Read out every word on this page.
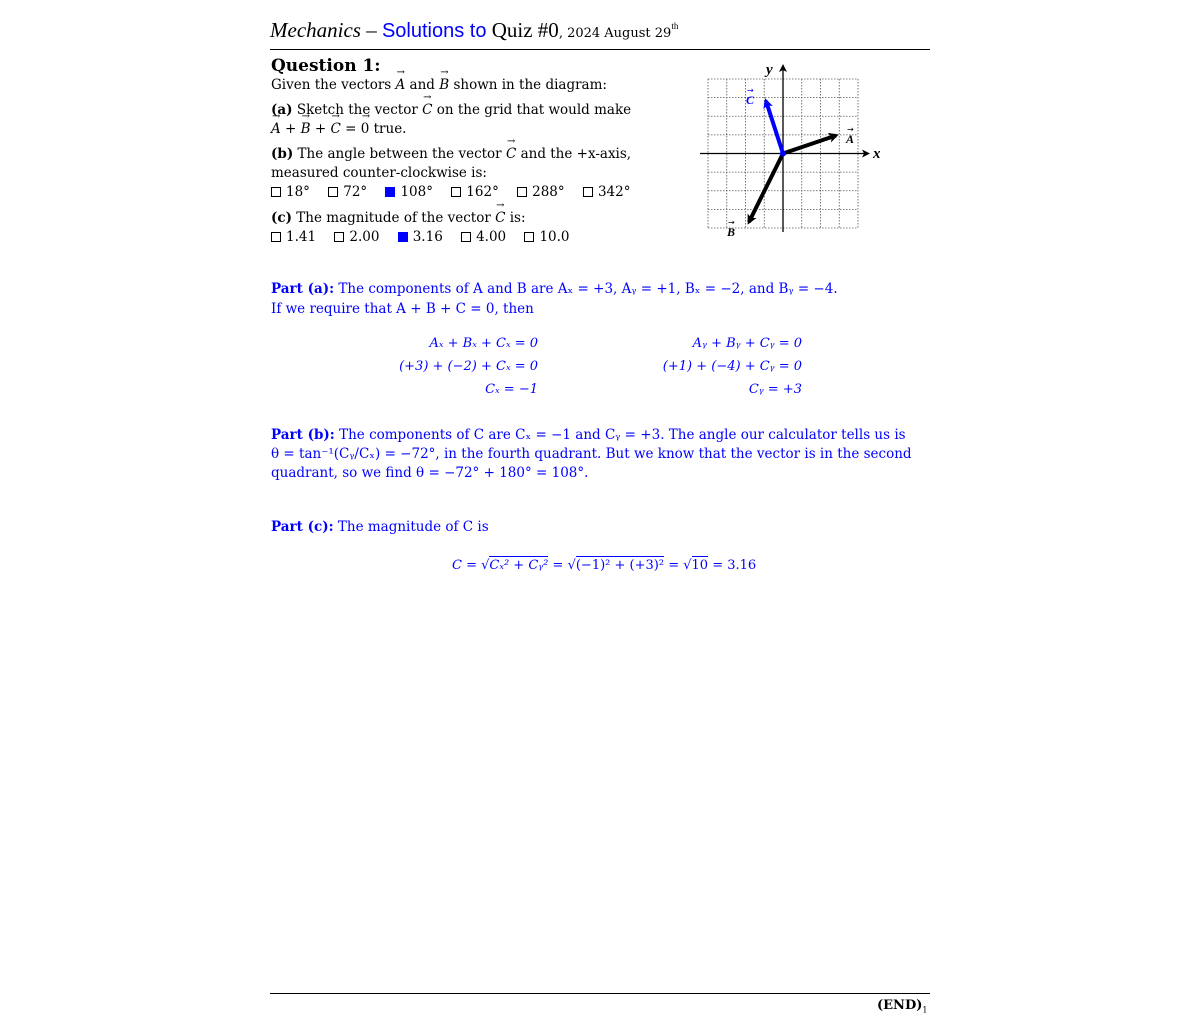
Mechanics – Solutions to Quiz #0, 2024 August 29th
Question 1:
Given the vectors → A and → B shown in the diagram:
(a) Sketch the vector → C on the grid that would make
→ A + → B + → C = → 0 true.
(b) The angle between the vector → C and the +x-axis,
measured counter-clockwise is:
18° 72° 108° 162° 288° 342°
(c) The magnitude of the vector → C is:
1.41 2.00 3.16 4.00 10.0
y
x
A
→
B
→
C
→
Part (a): The components of A and B are Aₓ = +3, Aᵧ = +1, Bₓ = −2, and Bᵧ = −4.
If we require that A + B + C = 0, then
Aₓ + Bₓ + Cₓ = 0
(+3) + (−2) + Cₓ = 0
Cₓ = −1
Aᵧ + Bᵧ + Cᵧ = 0
(+1) + (−4) + Cᵧ = 0
Cᵧ = +3
Part (b): The components of C are Cₓ = −1 and Cᵧ = +3. The angle our calculator tells us is
θ = tan⁻¹(Cᵧ/Cₓ) = −72°, in the fourth quadrant. But we know that the vector is in the second
quadrant, so we find θ = −72° + 180° = 108°.
Part (c): The magnitude of C is
C = √Cₓ² + Cᵧ² = √(−1)² + (+3)² = √10 = 3.16
$(END)_1$
